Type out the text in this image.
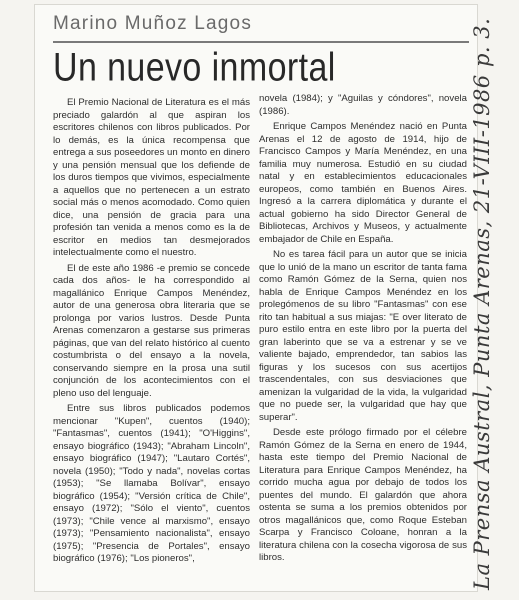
Marino Muñoz Lagos
Un nuevo inmortal

El Premio Nacional de Literatura es el más preciado galardón al que aspiran los escritores chilenos con libros publicados. Por lo demás, es la única recompensa que entrega a sus poseedores un monto en dinero y una pensión mensual que los defiende de los duros tiempos que vivimos, especialmente a aquellos que no pertenecen a un estrato social más o menos acomodado. Como quien dice, una pensión de gracia para una profesión tan venida a menos como es la de escritor en medios tan desmejorados intelectualmente como el nuestro.

El de este año 1986 -e premio se concede cada dos años- le ha correspondido al magallánico Enrique Campos Menéndez, autor de una generosa obra literaria que se prolonga por varios lustros. Desde Punta Arenas comenzaron a gestarse sus primeras páginas, que van del relato histórico al cuento costumbrista o del ensayo a la novela, conservando siempre en la prosa una sutil conjunción de los acontecimientos con el pleno uso del lenguaje.

Entre sus libros publicados podemos mencionar "Kupen", cuentos (1940); "Fantasmas", cuentos (1941); "O'Higgins", ensayo biográfico (1943); "Abraham Lincoln", ensayo biográfico (1947); "Lautaro Cortés", novela (1950); "Todo y nada", novelas cortas (1953); "Se llamaba Bolívar", ensayo biográfico (1954); "Versión crítica de Chile", ensayo (1972); "Sólo el viento", cuentos (1973); "Chile vence al marxismo", ensayo (1973); "Pensamiento nacionalista", ensayo (1975); "Presencia de Portales", ensayo biográfico (1976); "Los pioneros",

novela (1984); y "Aguilas y cóndores", novela (1986).

Enrique Campos Menéndez nació en Punta Arenas el 12 de agosto de 1914, hijo de Francisco Campos y María Menéndez, en una familia muy numerosa. Estudió en su ciudad natal y en establecimientos educacionales europeos, como también en Buenos Aires. Ingresó a la carrera diplomática y durante el actual gobierno ha sido Director General de Bibliotecas, Archivos y Museos, y actualmente embajador de Chile en España.

No es tarea fácil para un autor que se inicia que lo unió de la mano un escritor de tanta fama como Ramón Gómez de la Serna, quien nos habla de Enrique Campos Menéndez en los prolegómenos de su libro "Fantasmas" con ese rito tan habitual a sus miajas: "E over literato de puro estilo entra en este libro por la puerta del gran laberinto que se va a estrenar y se ve valiente bajado, emprendedor, tan sabios las figuras y los sucesos con sus acertijos trascendentales, con sus desviaciones que amenizan la vulgaridad de la vida, la vulgaridad que no puede ser, la vulgaridad que hay que superar".

Desde este prólogo firmado por el célebre Ramón Gómez de la Serna en enero de 1944, hasta este tiempo del Premio Nacional de Literatura para Enrique Campos Menéndez, ha corrido mucha agua por debajo de todos los puentes del mundo. El galardón que ahora ostenta se suma a los premios obtenidos por otros magallánicos que, como Roque Esteban Scarpa y Francisco Coloane, honran a la literatura chilena con la cosecha vigorosa de sus libros.	La Prensa Austral, Punta Arenas, 21-VIII-1986 p. 3.
